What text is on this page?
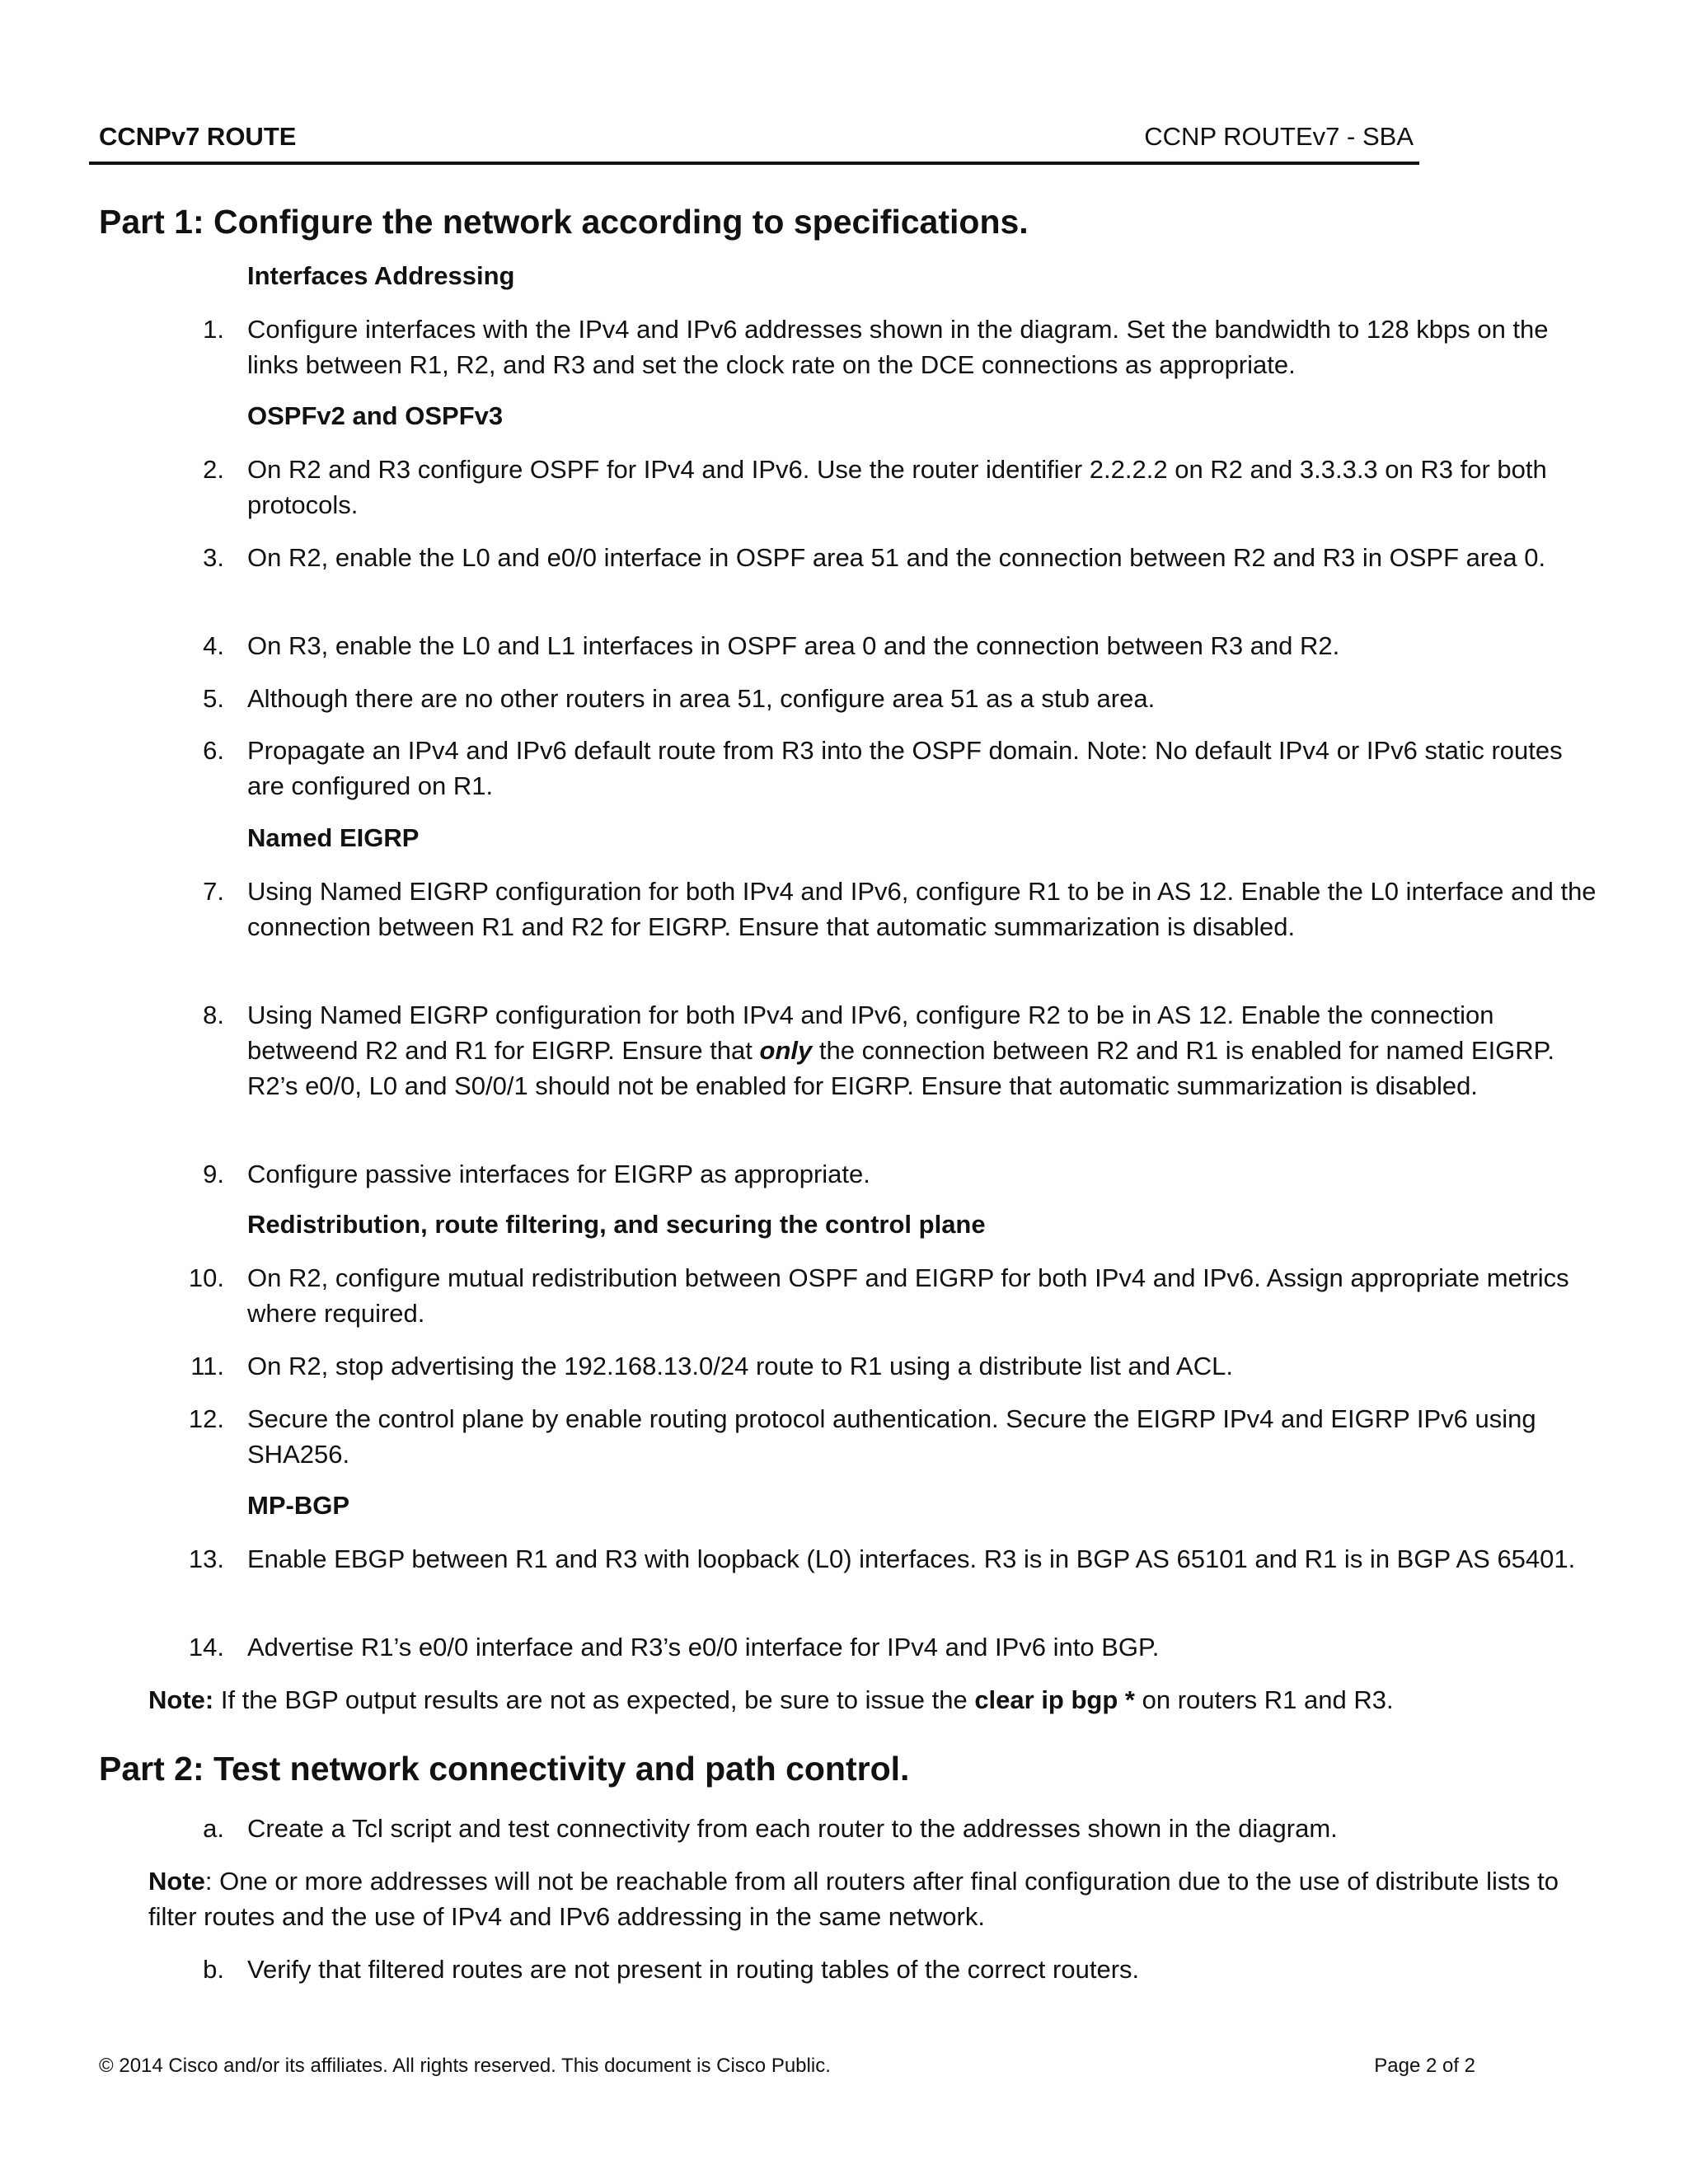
CCNPv7 ROUTE	CCNP ROUTEv7 - SBA
Part 1: Configure the network according to specifications.
Interfaces Addressing
1. Configure interfaces with the IPv4 and IPv6 addresses shown in the diagram. Set the bandwidth to 128 kbps on the links between R1, R2, and R3 and set the clock rate on the DCE connections as appropriate.
OSPFv2 and OSPFv3
2. On R2 and R3 configure OSPF for IPv4 and IPv6. Use the router identifier 2.2.2.2 on R2 and 3.3.3.3 on R3 for both protocols.
3. On R2, enable the L0 and e0/0 interface in OSPF area 51 and the connection between R2 and R3 in OSPF area 0.
4. On R3, enable the L0 and L1 interfaces in OSPF area 0 and the connection between R3 and R2.
5. Although there are no other routers in area 51, configure area 51 as a stub area.
6. Propagate an IPv4 and IPv6 default route from R3 into the OSPF domain. Note: No default IPv4 or IPv6 static routes are configured on R1.
Named EIGRP
7. Using Named EIGRP configuration for both IPv4 and IPv6, configure R1 to be in AS 12. Enable the L0 interface and the connection between R1 and R2 for EIGRP. Ensure that automatic summarization is disabled.
8. Using Named EIGRP configuration for both IPv4 and IPv6, configure R2 to be in AS 12. Enable the connection betweend R2 and R1 for EIGRP. Ensure that only the connection between R2 and R1 is enabled for named EIGRP. R2’s e0/0, L0 and S0/0/1 should not be enabled for EIGRP. Ensure that automatic summarization is disabled.
9. Configure passive interfaces for EIGRP as appropriate.
Redistribution, route filtering, and securing the control plane
10. On R2, configure mutual redistribution between OSPF and EIGRP for both IPv4 and IPv6. Assign appropriate metrics where required.
11. On R2, stop advertising the 192.168.13.0/24 route to R1 using a distribute list and ACL.
12. Secure the control plane by enable routing protocol authentication. Secure the EIGRP IPv4 and EIGRP IPv6 using SHA256.
MP-BGP
13. Enable EBGP between R1 and R3 with loopback (L0) interfaces. R3 is in BGP AS 65101 and R1 is in BGP AS 65401.
14. Advertise R1’s e0/0 interface and R3’s e0/0 interface for IPv4 and IPv6 into BGP.
Note: If the BGP output results are not as expected, be sure to issue the clear ip bgp * on routers R1 and R3.
Part 2: Test network connectivity and path control.
a. Create a Tcl script and test connectivity from each router to the addresses shown in the diagram.
Note: One or more addresses will not be reachable from all routers after final configuration due to the use of distribute lists to filter routes and the use of IPv4 and IPv6 addressing in the same network.
b. Verify that filtered routes are not present in routing tables of the correct routers.
© 2014 Cisco and/or its affiliates. All rights reserved. This document is Cisco Public.	Page 2 of 2
